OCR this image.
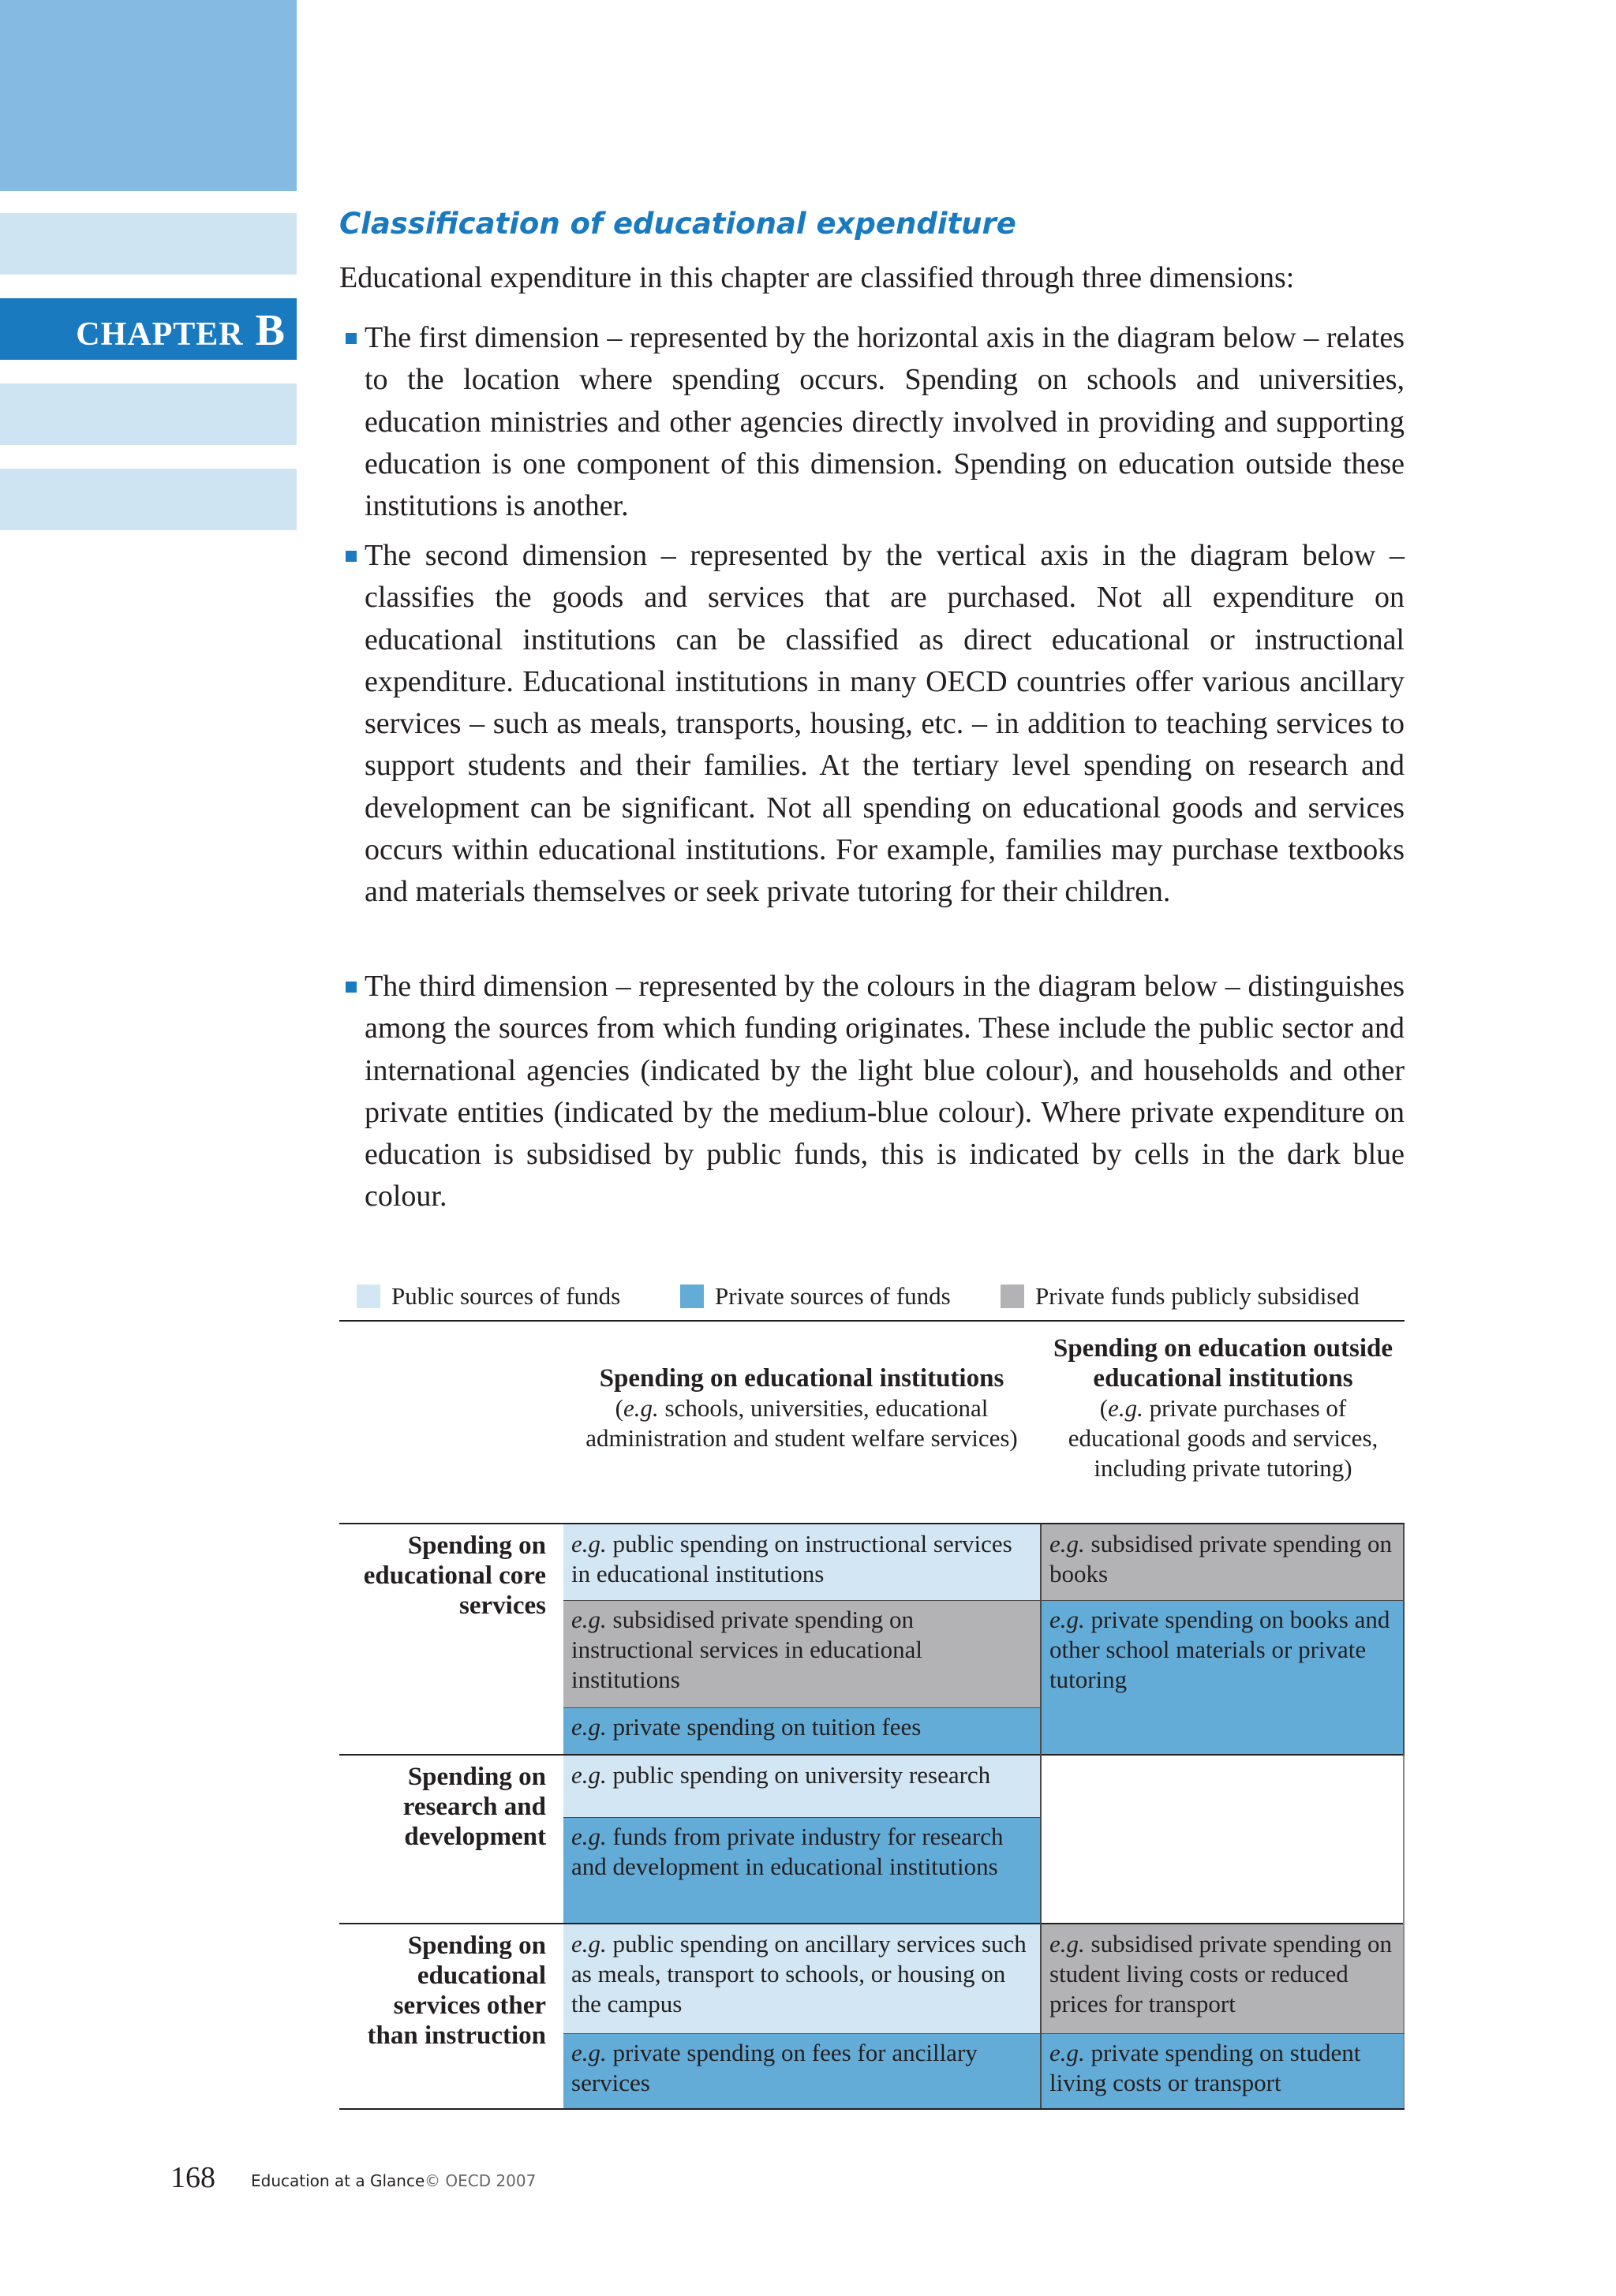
CHAPTER B
Classification of educational expenditure
Educational expenditure in this chapter are classified through three dimensions:

The first dimension – represented by the horizontal axis in the diagram below – relates to the location where spending occurs. Spending on schools and universities, education ministries and other agencies directly involved in providing and supporting education is one component of this dimension. Spending on education outside these institutions is another.

The second dimension – represented by the vertical axis in the diagram below – classifies the goods and services that are purchased. Not all expenditure on educational institutions can be classified as direct educational or instructional expenditure. Educational institutions in many OECD countries offer various ancillary services – such as meals, transports, housing, etc. – in addition to teaching services to support students and their families. At the tertiary level spending on research and development can be significant. Not all spending on educational goods and services occurs within educational institutions. For example, families may purchase textbooks and materials themselves or seek private tutoring for their children.

The third dimension – represented by the colours in the diagram below – distinguishes among the sources from which funding originates. These include the public sector and international agencies (indicated by the light blue colour), and households and other private entities (indicated by the medium-blue colour). Where private expenditure on education is subsidised by public funds, this is indicated by cells in the dark blue colour.

Public sources of funds	Private sources of funds	Private funds publicly subsidised
Spending on educational institutions
(e.g. schools, universities, educational administration and student welfare services)
Spending on education outside educational institutions
(e.g. private purchases of educational goods and services, including private tutoring)
Spending on educational core services
Spending on research and development
Spending on educational services other than instruction
e.g. public spending on instructional services in educational institutions
e.g. subsidised private spending on instructional services in educational institutions
e.g. private spending on tuition fees
e.g. subsidised private spending on books
e.g. private spending on books and other school materials or private tutoring
e.g. public spending on university research
e.g. funds from private industry for research and development in educational institutions
e.g. public spending on ancillary services such as meals, transport to schools, or housing on the campus
e.g. private spending on fees for ancillary services
e.g. subsidised private spending on student living costs or reduced prices for transport
e.g. private spending on student living costs or transport
168 Education at a Glance © OECD 2007
